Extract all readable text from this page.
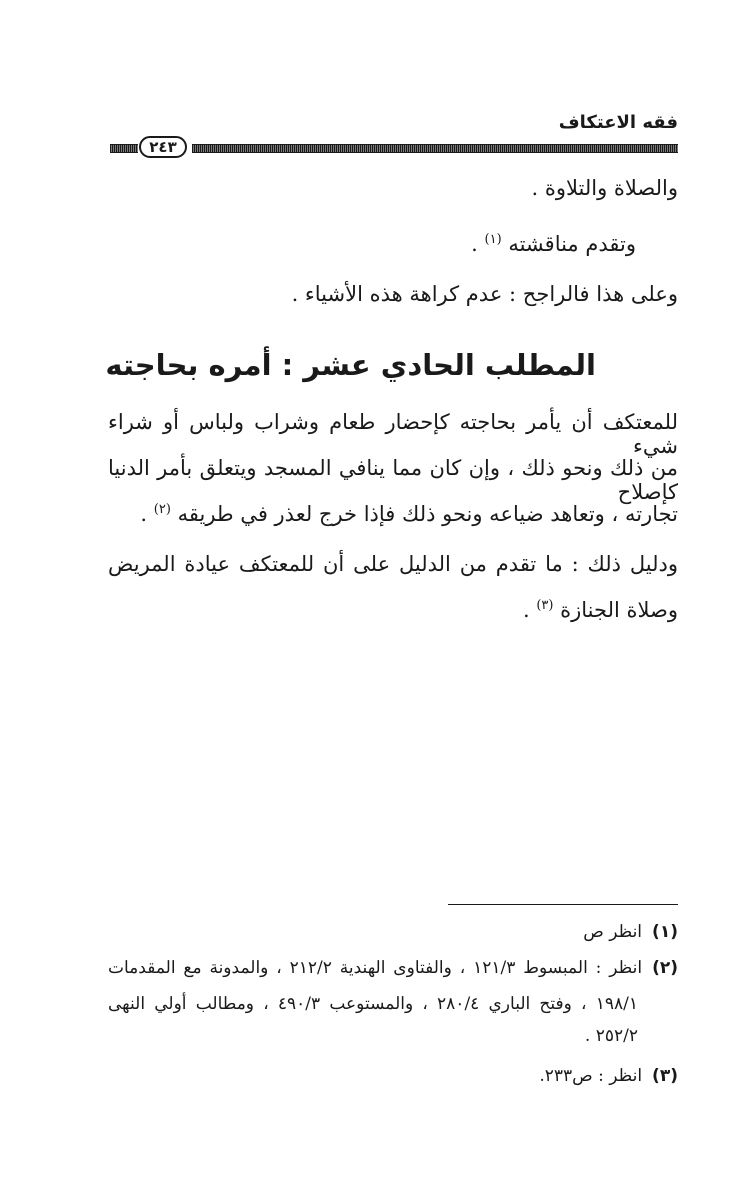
فقه الاعتكاف
٢٤٣
والصلاة والتلاوة .
وتقدم مناقشته $^{(١)}$ .
وعلى هذا فالراجح : عدم كراهة هذه الأشياء .
المطلب الحادي عشر : أمره بحاجته
للمعتكف أن يأمر بحاجته كإحضار طعام وشراب ولباس أو شراء شيء
من ذلك ونحو ذلك ، وإن كان مما ينافي المسجد ويتعلق بأمر الدنيا كإصلاح
تجارته ، وتعاهد ضياعه ونحو ذلك فإذا خرج لعذر في طريقه $^{(٢)}$ .
ودليل ذلك : ما تقدم من الدليل على أن للمعتكف عيادة المريض
وصلاة الجنازة $^{(٣)}$ .
(١)انظر ص
(٢)انظر : المبسوط ١٢١/٣ ، والفتاوى الهندية ٢١٢/٢ ، والمدونة مع المقدمات
١٩٨/١ ، وفتح الباري ٢٨٠/٤ ، والمستوعب ٤٩٠/٣ ، ومطالب أولي النهى
٢٥٢/٢ .
(٣)انظر : ص٢٣٣.
